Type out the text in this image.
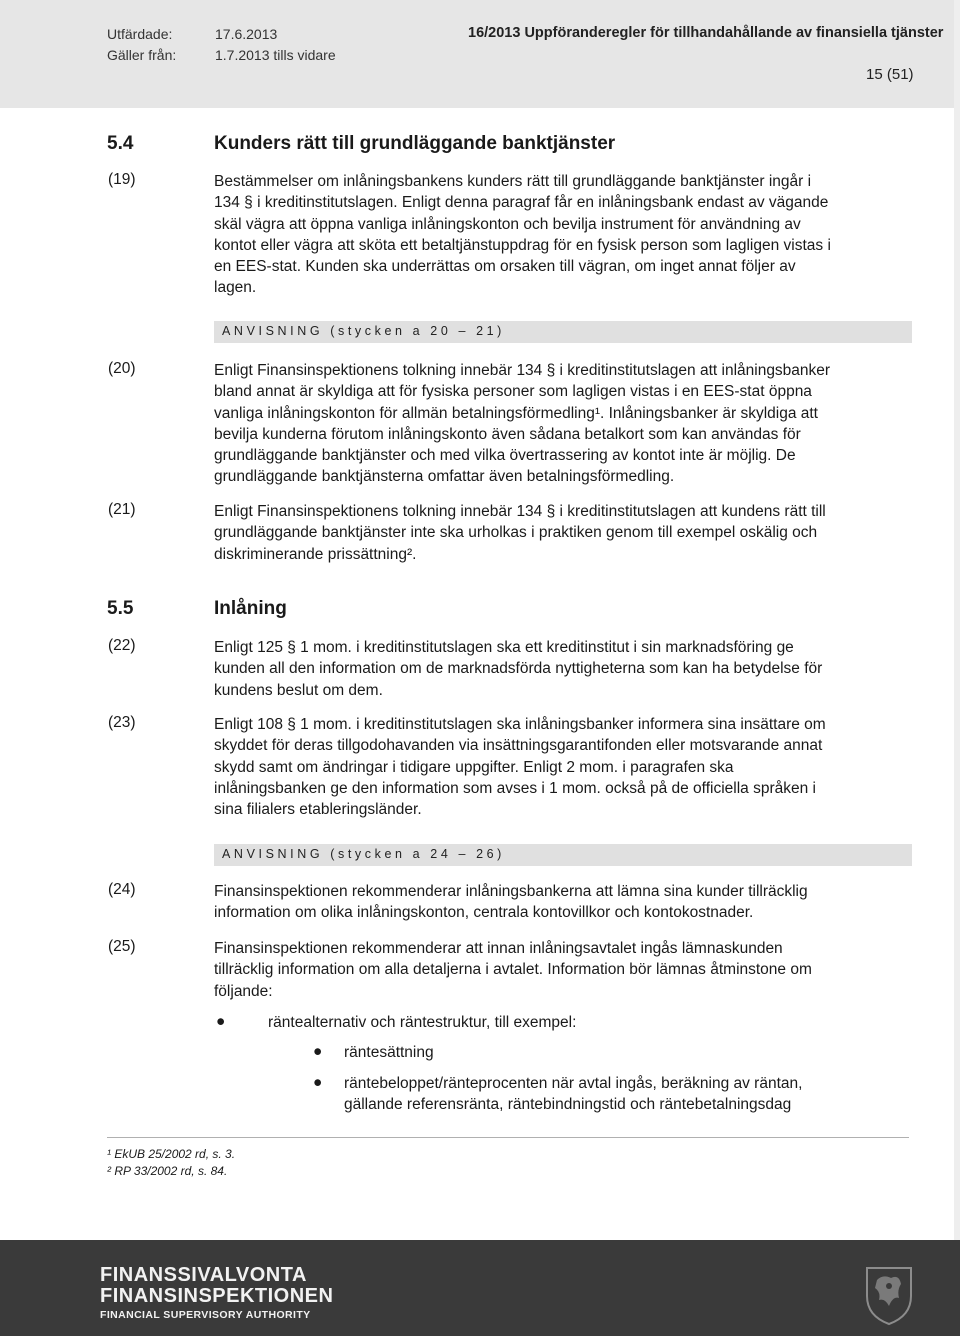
Utfärdade:	17.6.2013
Gäller från:	1.7.2013 tills vidare
16/2013 Uppföranderegler för tillhandahållande av finansiella tjänster
15 (51)
5.4	Kunders rätt till grundläggande banktjänster
(19)	Bestämmelser om inlåningsbankens kunders rätt till grundläggande banktjänster ingår i
134 § i kreditinstitutslagen. Enligt denna paragraf får en inlåningsbank endast av vägande
skäl vägra att öppna vanliga inlåningskonton och bevilja instrument för användning av
kontot eller vägra att sköta ett betaltjänstuppdrag för en fysisk person som lagligen vistas i
en EES-stat. Kunden ska underrättas om orsaken till vägran, om inget annat följer av
lagen.
ANVISNING (stycken a 20 – 21)
(20)	Enligt Finansinspektionens tolkning innebär 134 § i kreditinstitutslagen att inlåningsbanker
bland annat är skyldiga att för fysiska personer som lagligen vistas i en EES-stat öppna
vanliga inlåningskonton för allmän betalningsförmedling¹. Inlåningsbanker är skyldiga att
bevilja kunderna förutom inlåningskonto även sådana betalkort som kan användas för
grundläggande banktjänster och med vilka övertrassering av kontot inte är möjlig. De
grundläggande banktjänsterna omfattar även betalningsförmedling.
(21)	Enligt Finansinspektionens tolkning innebär 134 § i kreditinstitutslagen att kundens rätt till
grundläggande banktjänster inte ska urholkas i praktiken genom till exempel oskälig och
diskriminerande prissättning².
5.5	Inlåning
(22)	Enligt 125 § 1 mom. i kreditinstitutslagen ska ett kreditinstitut i sin marknadsföring ge
kunden all den information om de marknadsförda nyttigheterna som kan ha betydelse för
kundens beslut om dem.
(23)	Enligt 108 § 1 mom. i kreditinstitutslagen ska inlåningsbanker informera sina insättare om
skyddet för deras tillgodohavanden via insättningsgarantifonden eller motsvarande annat
skydd samt om ändringar i tidigare uppgifter. Enligt 2 mom. i paragrafen ska
inlåningsbanken ge den information som avses i 1 mom. också på de officiella språken i
sina filialers etableringsländer.
ANVISNING (stycken a 24 – 26)
(24)	Finansinspektionen rekommenderar inlåningsbankerna att lämna sina kunder tillräcklig
information om olika inlåningskonton, centrala kontovillkor och kontokostnader.
(25)	Finansinspektionen rekommenderar att innan inlåningsavtalet ingås lämnaskunden
tillräcklig information om alla detaljerna i avtalet. Information bör lämnas åtminstone om
följande:
●	räntealternativ och räntestruktur, till exempel:
● räntesättning
● räntebeloppet/ränteprocenten när avtal ingås, beräkning av räntan,
gällande referensränta, räntebindningstid och räntebetalningsdag
¹ EkUB 25/2002 rd, s. 3.
² RP 33/2002 rd, s. 84.
FINANSSIVALVONTA
FINANSINSPEKTIONEN
FINANCIAL SUPERVISORY AUTHORITY
